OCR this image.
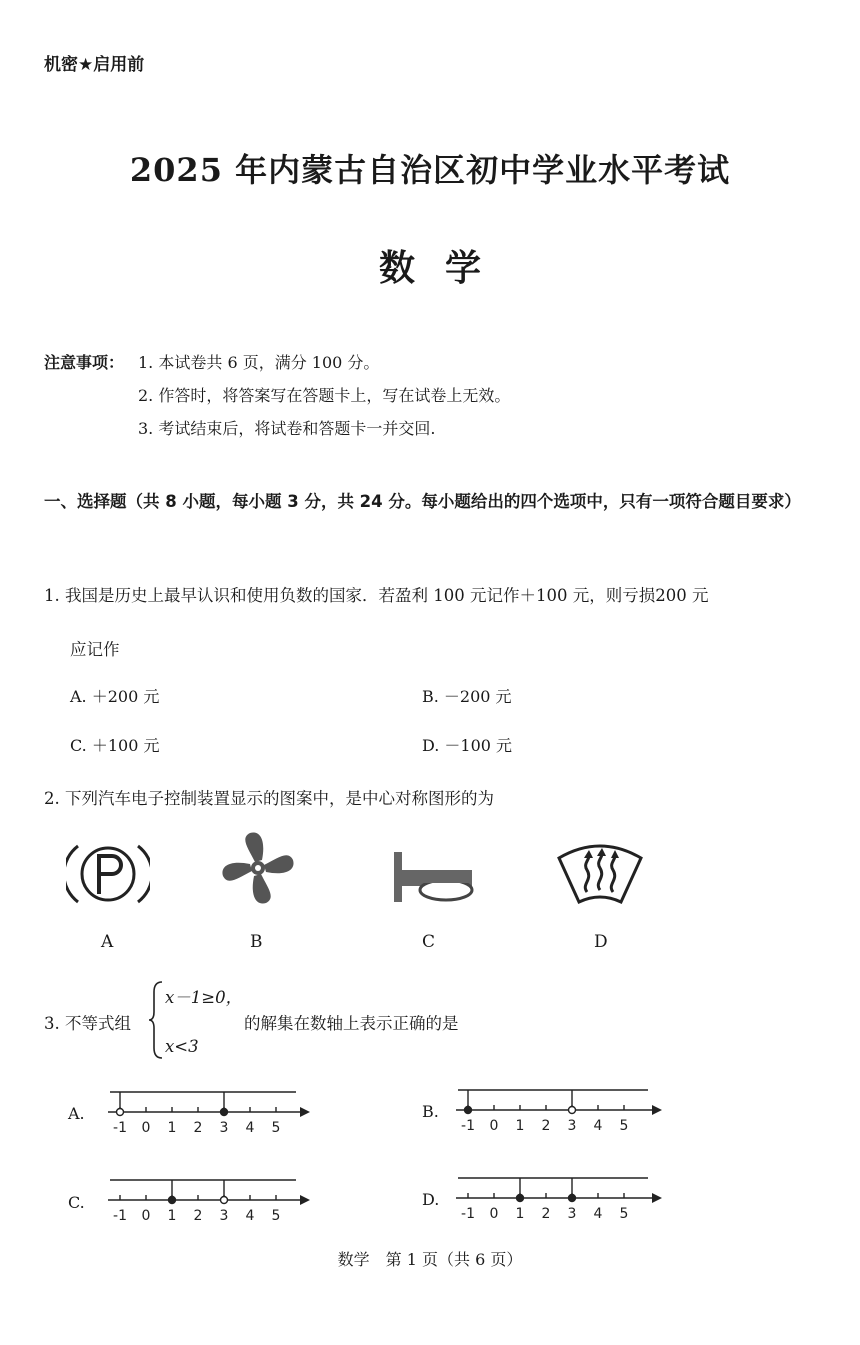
机密★启用前
2025 年内蒙古自治区初中学业水平考试
数学
注意事项： 1. 本试卷共 6 页，满分 100 分。
2. 作答时，将答案写在答题卡上，写在试卷上无效。
3. 考试结束后，将试卷和答题卡一并交回.
一、选择题（共 8 小题，每小题 3 分，共 24 分。每小题给出的四个选项中，只有一项符合题目要求）
1. 我国是历史上最早认识和使用负数的国家．若盈利 100 元记作＋100 元，则亏损200 元
应记作
A. ＋200 元	B. －200 元
C. ＋100 元	D. －100 元
2. 下列汽车电子控制装置显示的图案中，是中心对称图形的为
A	B	C	D
3. 不等式组
x－1≥0，
x<3
的解集在数轴上表示正确的是
A.	B.
C.	D.
-1 0 1 2 3 4 5	-1 0 1 2 3 4 5
-1 0 1 2 3 4 5	-1 0 1 2 3 4 5
数学　第 1 页（共 6 页）
